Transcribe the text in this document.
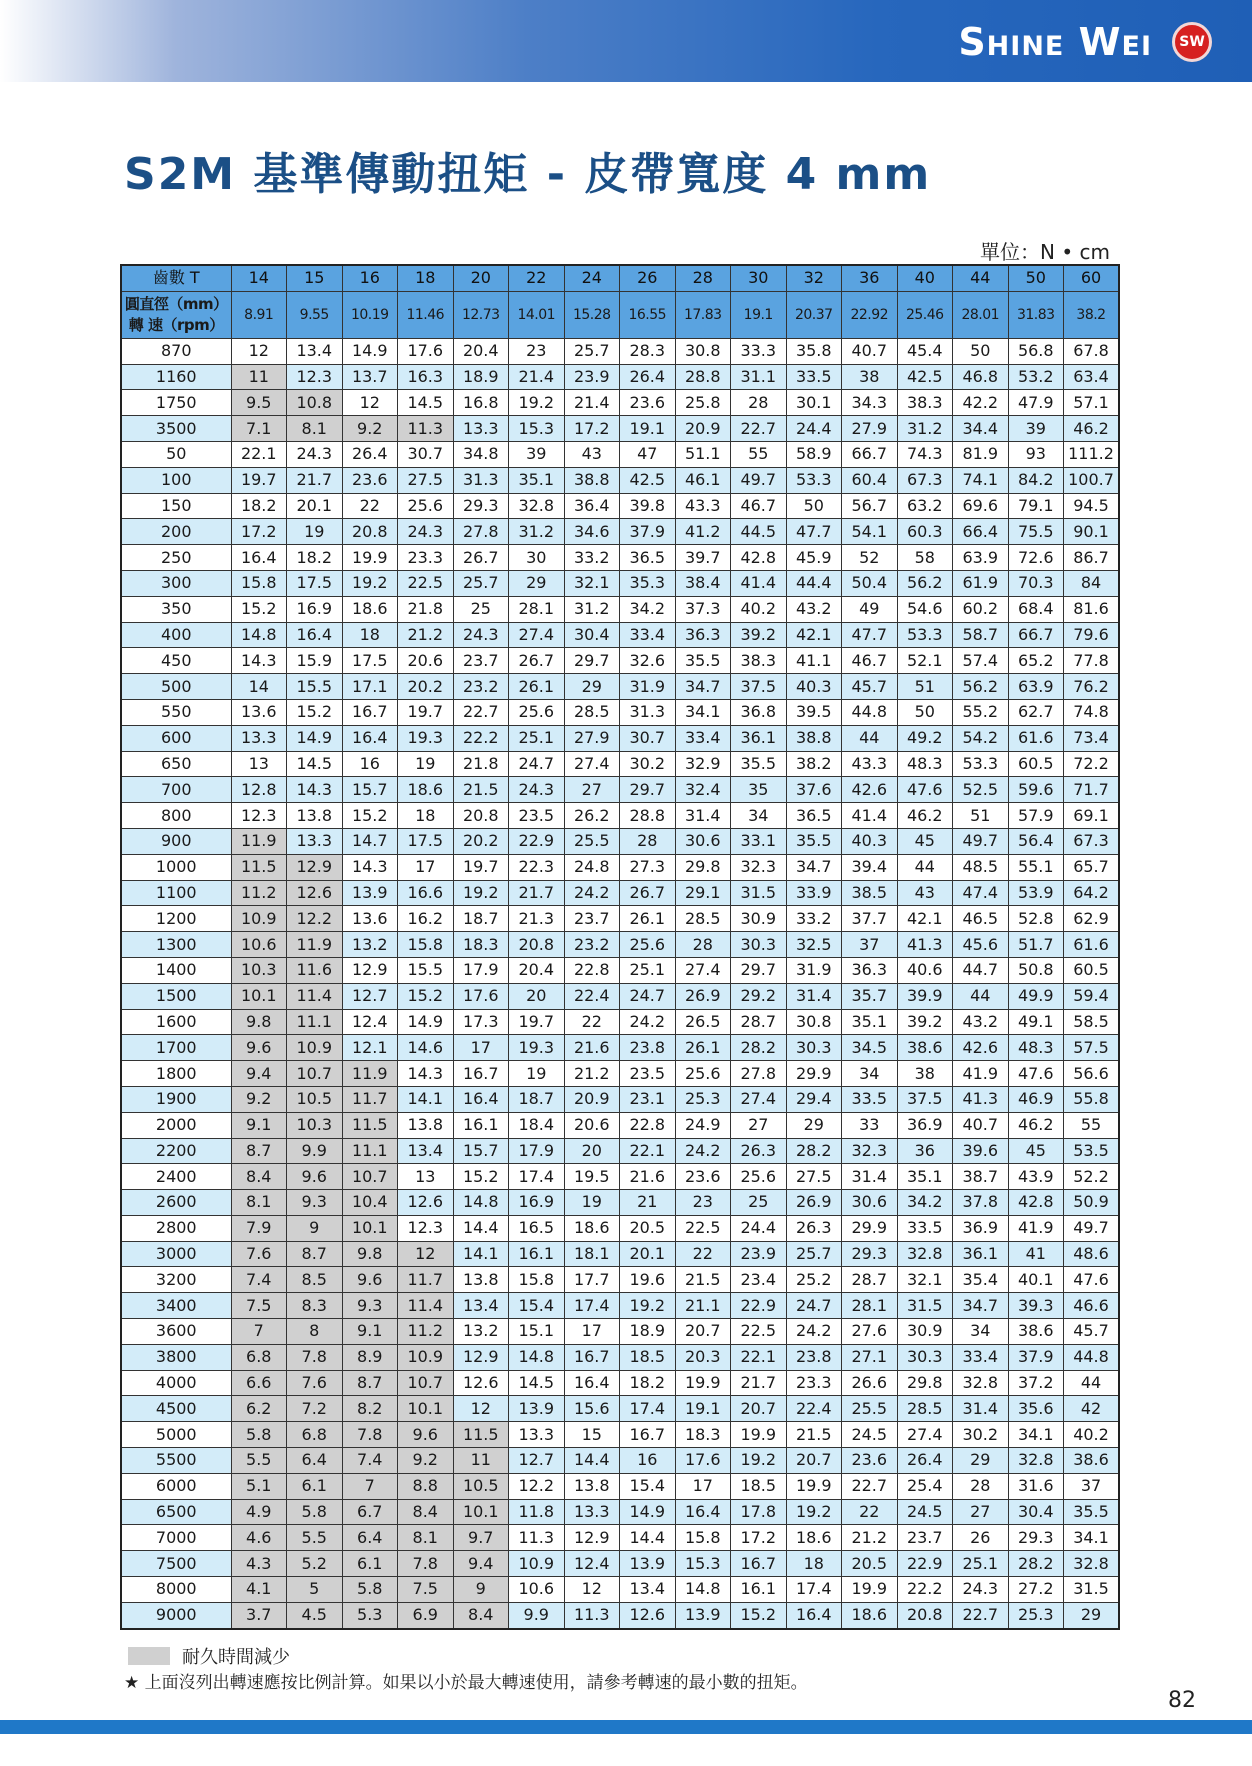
Shine Wei SW
S2M 基準傳動扭矩 - 皮帶寬度 4 mm
單位：N • cm
齒數 T	14	15	16	18	20	22	24	26	28	30	32	36	40	44	50	60
圓直徑（mm）
轉 速（rpm）	8.91	9.55	10.19	11.46	12.73	14.01	15.28	16.55	17.83	19.1	20.37	22.92	25.46	28.01	31.83	38.2
870	12	13.4	14.9	17.6	20.4	23	25.7	28.3	30.8	33.3	35.8	40.7	45.4	50	56.8	67.8
1160	11	12.3	13.7	16.3	18.9	21.4	23.9	26.4	28.8	31.1	33.5	38	42.5	46.8	53.2	63.4
1750	9.5	10.8	12	14.5	16.8	19.2	21.4	23.6	25.8	28	30.1	34.3	38.3	42.2	47.9	57.1
3500	7.1	8.1	9.2	11.3	13.3	15.3	17.2	19.1	20.9	22.7	24.4	27.9	31.2	34.4	39	46.2
50	22.1	24.3	26.4	30.7	34.8	39	43	47	51.1	55	58.9	66.7	74.3	81.9	93	111.2
100	19.7	21.7	23.6	27.5	31.3	35.1	38.8	42.5	46.1	49.7	53.3	60.4	67.3	74.1	84.2	100.7
150	18.2	20.1	22	25.6	29.3	32.8	36.4	39.8	43.3	46.7	50	56.7	63.2	69.6	79.1	94.5
200	17.2	19	20.8	24.3	27.8	31.2	34.6	37.9	41.2	44.5	47.7	54.1	60.3	66.4	75.5	90.1
250	16.4	18.2	19.9	23.3	26.7	30	33.2	36.5	39.7	42.8	45.9	52	58	63.9	72.6	86.7
300	15.8	17.5	19.2	22.5	25.7	29	32.1	35.3	38.4	41.4	44.4	50.4	56.2	61.9	70.3	84
350	15.2	16.9	18.6	21.8	25	28.1	31.2	34.2	37.3	40.2	43.2	49	54.6	60.2	68.4	81.6
400	14.8	16.4	18	21.2	24.3	27.4	30.4	33.4	36.3	39.2	42.1	47.7	53.3	58.7	66.7	79.6
450	14.3	15.9	17.5	20.6	23.7	26.7	29.7	32.6	35.5	38.3	41.1	46.7	52.1	57.4	65.2	77.8
500	14	15.5	17.1	20.2	23.2	26.1	29	31.9	34.7	37.5	40.3	45.7	51	56.2	63.9	76.2
550	13.6	15.2	16.7	19.7	22.7	25.6	28.5	31.3	34.1	36.8	39.5	44.8	50	55.2	62.7	74.8
600	13.3	14.9	16.4	19.3	22.2	25.1	27.9	30.7	33.4	36.1	38.8	44	49.2	54.2	61.6	73.4
650	13	14.5	16	19	21.8	24.7	27.4	30.2	32.9	35.5	38.2	43.3	48.3	53.3	60.5	72.2
700	12.8	14.3	15.7	18.6	21.5	24.3	27	29.7	32.4	35	37.6	42.6	47.6	52.5	59.6	71.7
800	12.3	13.8	15.2	18	20.8	23.5	26.2	28.8	31.4	34	36.5	41.4	46.2	51	57.9	69.1
900	11.9	13.3	14.7	17.5	20.2	22.9	25.5	28	30.6	33.1	35.5	40.3	45	49.7	56.4	67.3
1000	11.5	12.9	14.3	17	19.7	22.3	24.8	27.3	29.8	32.3	34.7	39.4	44	48.5	55.1	65.7
1100	11.2	12.6	13.9	16.6	19.2	21.7	24.2	26.7	29.1	31.5	33.9	38.5	43	47.4	53.9	64.2
1200	10.9	12.2	13.6	16.2	18.7	21.3	23.7	26.1	28.5	30.9	33.2	37.7	42.1	46.5	52.8	62.9
1300	10.6	11.9	13.2	15.8	18.3	20.8	23.2	25.6	28	30.3	32.5	37	41.3	45.6	51.7	61.6
1400	10.3	11.6	12.9	15.5	17.9	20.4	22.8	25.1	27.4	29.7	31.9	36.3	40.6	44.7	50.8	60.5
1500	10.1	11.4	12.7	15.2	17.6	20	22.4	24.7	26.9	29.2	31.4	35.7	39.9	44	49.9	59.4
1600	9.8	11.1	12.4	14.9	17.3	19.7	22	24.2	26.5	28.7	30.8	35.1	39.2	43.2	49.1	58.5
1700	9.6	10.9	12.1	14.6	17	19.3	21.6	23.8	26.1	28.2	30.3	34.5	38.6	42.6	48.3	57.5
1800	9.4	10.7	11.9	14.3	16.7	19	21.2	23.5	25.6	27.8	29.9	34	38	41.9	47.6	56.6
1900	9.2	10.5	11.7	14.1	16.4	18.7	20.9	23.1	25.3	27.4	29.4	33.5	37.5	41.3	46.9	55.8
2000	9.1	10.3	11.5	13.8	16.1	18.4	20.6	22.8	24.9	27	29	33	36.9	40.7	46.2	55
2200	8.7	9.9	11.1	13.4	15.7	17.9	20	22.1	24.2	26.3	28.2	32.3	36	39.6	45	53.5
2400	8.4	9.6	10.7	13	15.2	17.4	19.5	21.6	23.6	25.6	27.5	31.4	35.1	38.7	43.9	52.2
2600	8.1	9.3	10.4	12.6	14.8	16.9	19	21	23	25	26.9	30.6	34.2	37.8	42.8	50.9
2800	7.9	9	10.1	12.3	14.4	16.5	18.6	20.5	22.5	24.4	26.3	29.9	33.5	36.9	41.9	49.7
3000	7.6	8.7	9.8	12	14.1	16.1	18.1	20.1	22	23.9	25.7	29.3	32.8	36.1	41	48.6
3200	7.4	8.5	9.6	11.7	13.8	15.8	17.7	19.6	21.5	23.4	25.2	28.7	32.1	35.4	40.1	47.6
3400	7.5	8.3	9.3	11.4	13.4	15.4	17.4	19.2	21.1	22.9	24.7	28.1	31.5	34.7	39.3	46.6
3600	7	8	9.1	11.2	13.2	15.1	17	18.9	20.7	22.5	24.2	27.6	30.9	34	38.6	45.7
3800	6.8	7.8	8.9	10.9	12.9	14.8	16.7	18.5	20.3	22.1	23.8	27.1	30.3	33.4	37.9	44.8
4000	6.6	7.6	8.7	10.7	12.6	14.5	16.4	18.2	19.9	21.7	23.3	26.6	29.8	32.8	37.2	44
4500	6.2	7.2	8.2	10.1	12	13.9	15.6	17.4	19.1	20.7	22.4	25.5	28.5	31.4	35.6	42
5000	5.8	6.8	7.8	9.6	11.5	13.3	15	16.7	18.3	19.9	21.5	24.5	27.4	30.2	34.1	40.2
5500	5.5	6.4	7.4	9.2	11	12.7	14.4	16	17.6	19.2	20.7	23.6	26.4	29	32.8	38.6
6000	5.1	6.1	7	8.8	10.5	12.2	13.8	15.4	17	18.5	19.9	22.7	25.4	28	31.6	37
6500	4.9	5.8	6.7	8.4	10.1	11.8	13.3	14.9	16.4	17.8	19.2	22	24.5	27	30.4	35.5
7000	4.6	5.5	6.4	8.1	9.7	11.3	12.9	14.4	15.8	17.2	18.6	21.2	23.7	26	29.3	34.1
7500	4.3	5.2	6.1	7.8	9.4	10.9	12.4	13.9	15.3	16.7	18	20.5	22.9	25.1	28.2	32.8
8000	4.1	5	5.8	7.5	9	10.6	12	13.4	14.8	16.1	17.4	19.9	22.2	24.3	27.2	31.5
9000	3.7	4.5	5.3	6.9	8.4	9.9	11.3	12.6	13.9	15.2	16.4	18.6	20.8	22.7	25.3	29
耐久時間減少
★ 上面沒列出轉速應按比例計算。如果以小於最大轉速使用，請參考轉速的最小數的扭矩。
82
